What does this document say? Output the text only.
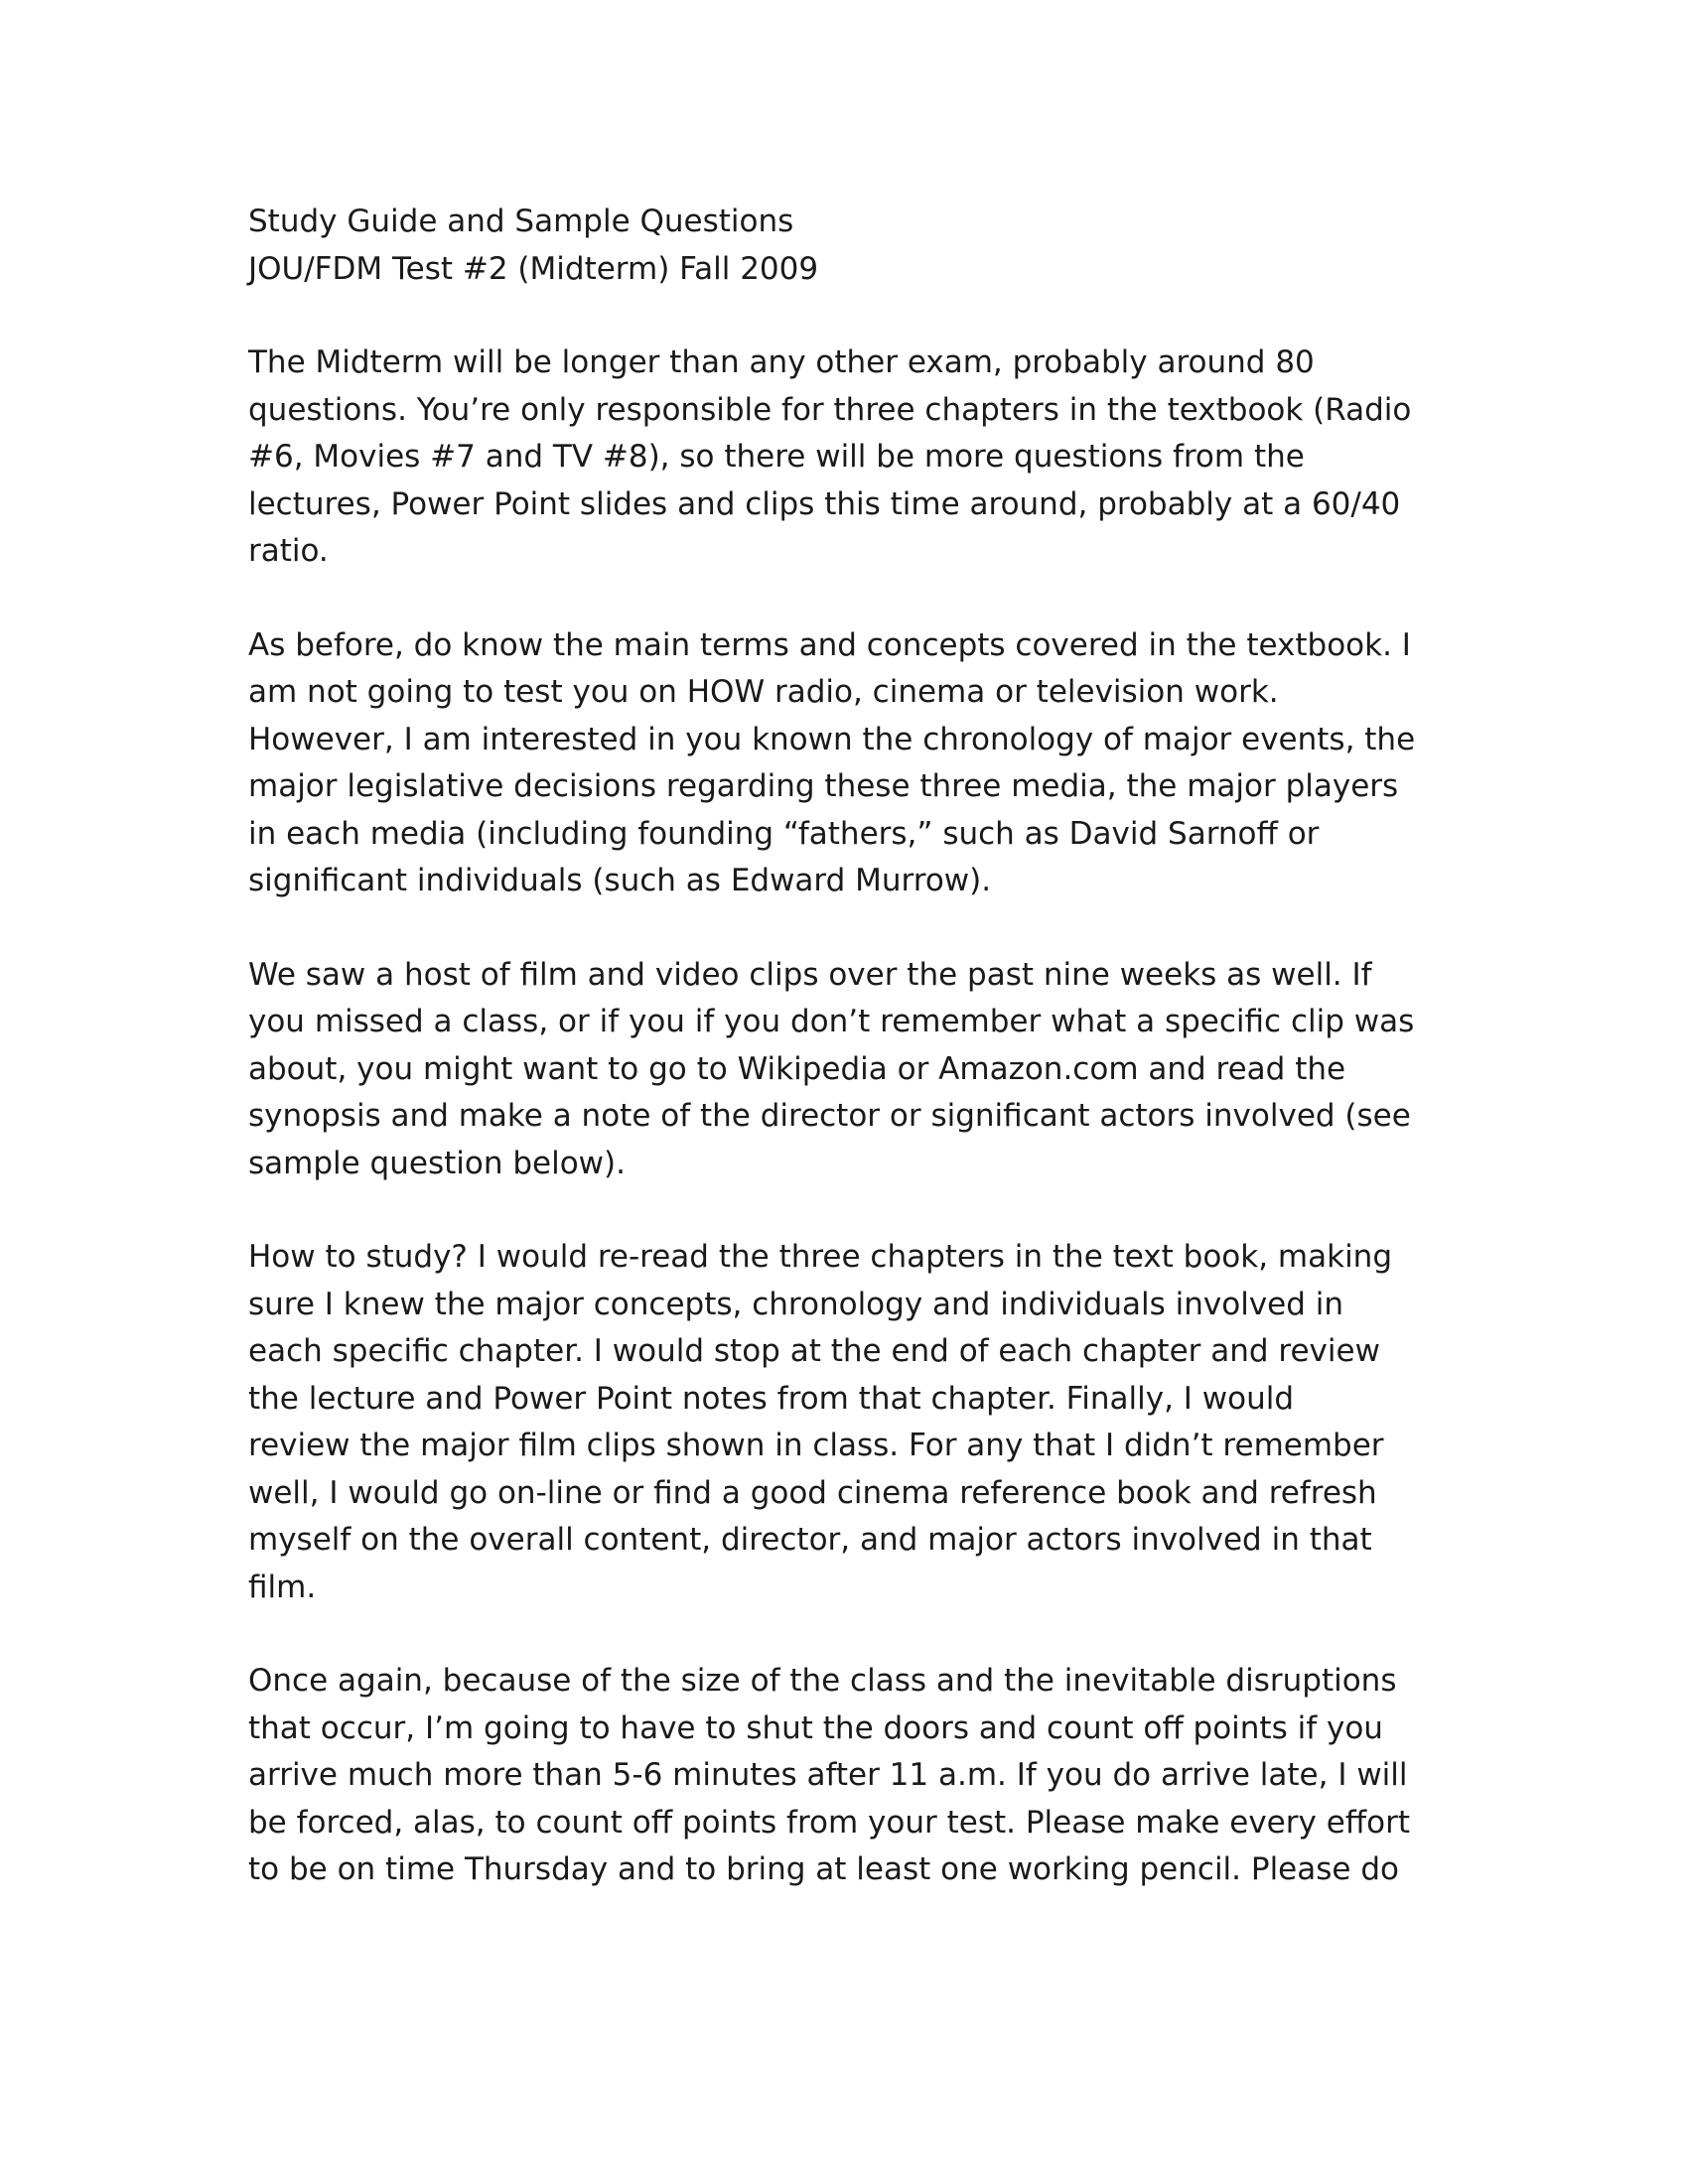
Study Guide and Sample Questions
JOU/FDM Test #2 (Midterm) Fall 2009
The Midterm will be longer than any other exam, probably around 80
questions. You’re only responsible for three chapters in the textbook (Radio
#6, Movies #7 and TV #8), so there will be more questions from the
lectures, Power Point slides and clips this time around, probably at a 60/40
ratio.
As before, do know the main terms and concepts covered in the textbook. I
am not going to test you on HOW radio, cinema or television work.
However, I am interested in you known the chronology of major events, the
major legislative decisions regarding these three media, the major players
in each media (including founding “fathers,” such as David Sarnoff or
significant individuals (such as Edward Murrow).
We saw a host of film and video clips over the past nine weeks as well. If
you missed a class, or if you if you don’t remember what a specific clip was
about, you might want to go to Wikipedia or Amazon.com and read the
synopsis and make a note of the director or significant actors involved (see
sample question below).
How to study? I would re-read the three chapters in the text book, making
sure I knew the major concepts, chronology and individuals involved in
each specific chapter. I would stop at the end of each chapter and review
the lecture and Power Point notes from that chapter. Finally, I would
review the major film clips shown in class. For any that I didn’t remember
well, I would go on-line or find a good cinema reference book and refresh
myself on the overall content, director, and major actors involved in that
film.
Once again, because of the size of the class and the inevitable disruptions
that occur, I’m going to have to shut the doors and count off points if you
arrive much more than 5-6 minutes after 11 a.m. If you do arrive late, I will
be forced, alas, to count off points from your test. Please make every effort
to be on time Thursday and to bring at least one working pencil. Please do
